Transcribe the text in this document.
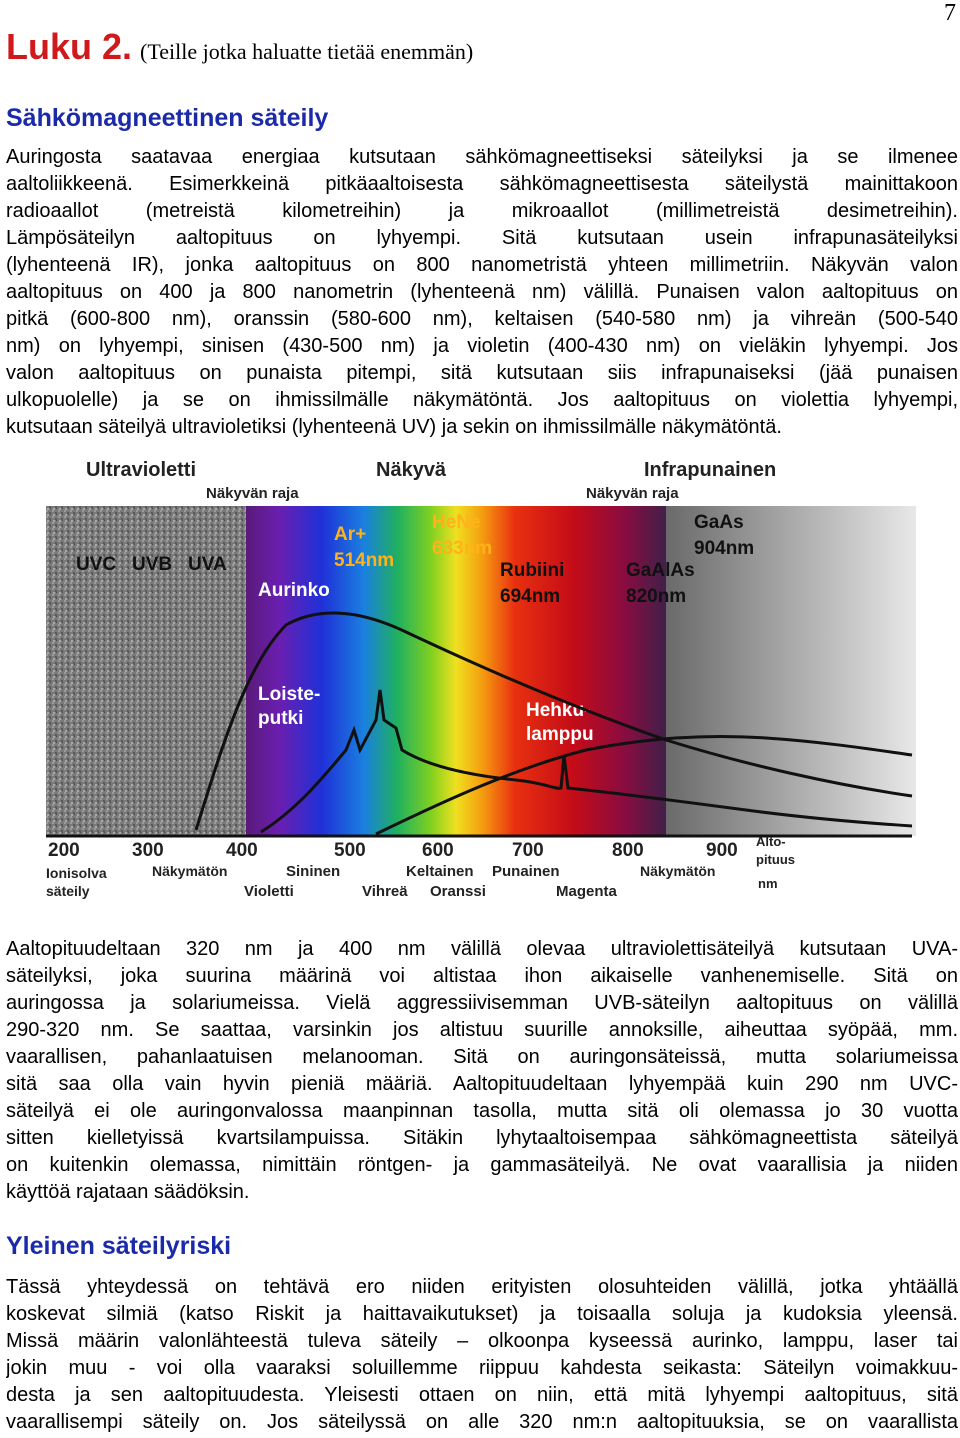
7
Luku 2. (Teille jotka haluatte tietää enemmän)
Sähkömagneettinen säteily
Auringosta saatavaa energiaa kutsutaan sähkömagneettiseksi säteilyksi ja se ilmenee
aaltoliikkeenä. Esimerkkeinä pitkäaaltoisesta sähkömagneettisesta säteilystä mainittakoon
radioaallot (metreistä kilometreihin) ja mikroaallot (millimetreistä desimetreihin).
Lämpösäteilyn aaltopituus on lyhyempi. Sitä kutsutaan usein infrapunasäteilyksi
(lyhenteenä IR), jonka aaltopituus on 800 nanometristä yhteen millimetriin. Näkyvän valon
aaltopituus on 400 ja 800 nanometrin (lyhenteenä nm) välillä. Punaisen valon aaltopituus on
pitkä (600-800 nm), oranssin (580-600 nm), keltaisen (540-580 nm) ja vihreän (500-540
nm) on lyhyempi, sinisen (430-500 nm) ja violetin (400-430 nm) on vieläkin lyhyempi. Jos
valon aaltopituus on punaista pitempi, sitä kutsutaan siis infrapunaiseksi (jää punaisen
ulkopuolelle) ja se on ihmissilmälle näkymätöntä. Jos aaltopituus on violettia lyhyempi,
kutsutaan säteilyä ultravioletiksi (lyhenteenä UV) ja sekin on ihmissilmälle näkymätöntä.
Ultravioletti	Näkyvä	Infrapunainen
Näkyvän raja	Näkyvän raja
UVC UVB UVA
Aurinko
Loiste-
putki	Hehku-
lamppu
Ar+
514nm
HeNe
633nm
Rubiini
694nm
GaAlAs
820nm
GaAs
904nm
200	300	400	500	600	700	800	900 Alto-
pituus
nm
Ionisolva
säteily
Näkymätön	Näkymätön
Sininen	Keltainen Punainen
Violetti	Vihreä Oranssi	Magenta
Aaltopituudeltaan 320 nm ja 400 nm välillä olevaa ultraviolettisäteilyä kutsutaan UVA-
säteilyksi, joka suurina määrinä voi altistaa ihon aikaiselle vanhenemiselle. Sitä on
auringossa ja solariumeissa. Vielä aggressiivisemman UVB-säteilyn aaltopituus on välillä
290-320 nm. Se saattaa, varsinkin jos altistuu suurille annoksille, aiheuttaa syöpää, mm.
vaarallisen, pahanlaatuisen melanooman. Sitä on auringonsäteissä, mutta solariumeissa
sitä saa olla vain hyvin pieniä määriä. Aaltopituudeltaan lyhyempää kuin 290 nm UVC-
säteilyä ei ole auringonvalossa maanpinnan tasolla, mutta sitä oli olemassa jo 30 vuotta
sitten kielletyissä kvartsilampuissa. Sitäkin lyhytaaltoisempaa sähkömagneettista säteilyä
on kuitenkin olemassa, nimittäin röntgen- ja gammasäteilyä. Ne ovat vaarallisia ja niiden
käyttöä rajataan säädöksin.
Yleinen säteilyriski
Tässä yhteydessä on tehtävä ero niiden erityisten olosuhteiden välillä, jotka yhtäällä
koskevat silmiä (katso Riskit ja haittavaikutukset) ja toisaalla soluja ja kudoksia yleensä.
Missä määrin valonlähteestä tuleva säteily – olkoonpa kyseessä aurinko, lamppu, laser tai
jokin muu - voi olla vaaraksi soluillemme riippuu kahdesta seikasta: Säteilyn voimakkuu-
desta ja sen aaltopituudesta. Yleisesti ottaen on niin, että mitä lyhyempi aaltopituus, sitä
vaarallisempi säteily on. Jos säteilyssä on alle 320 nm:n aaltopituuksia, se on vaarallista
